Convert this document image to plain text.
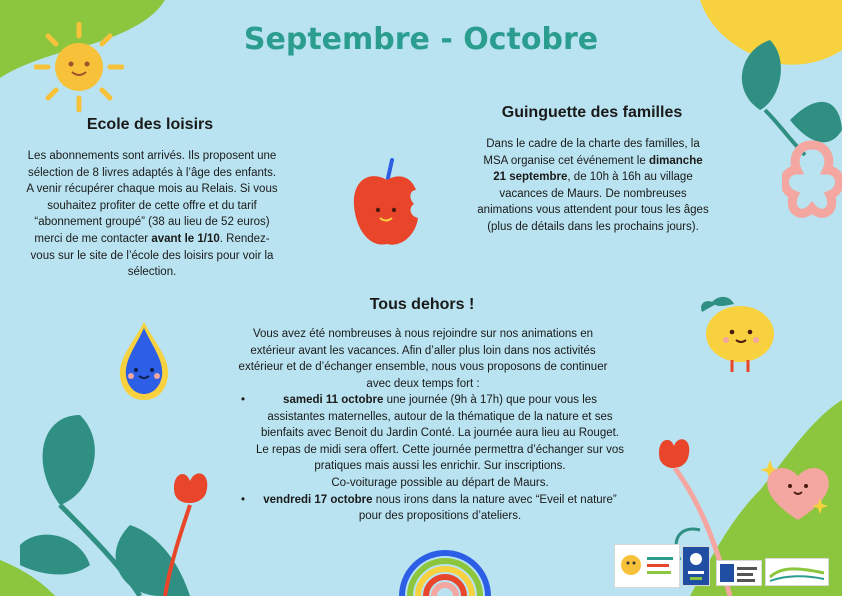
Septembre - Octobre
Ecole des loisirs

Les abonnements sont arrivés. Ils proposent une sélection de 8 livres adaptés à l’âge des enfants. A venir récupérer chaque mois au Relais. Si vous souhaitez profiter de cette offre et du tarif “abonnement groupé” (38 au lieu de 52 euros) merci de me contacter avant le 1/10. Rendez-vous sur le site de l’école des loisirs pour voir la sélection.

Guinguette des familles

Dans le cadre de la charte des familles, la MSA organise cet événement le dimanche 21 septembre, de 10h à 16h au village vacances de Maurs. De nombreuses animations vous attendent pour tous les âges (plus de détails dans les prochains jours).

Tous dehors !

Vous avez été nombreuses à nous rejoindre sur nos animations en extérieur avant les vacances. Afin d’aller plus loin dans nos activités extérieur et de d’échanger ensemble, nous vous proposons de continuer avec deux temps fort :

•	samedi 11 octobre une journée (9h à 17h) que pour vous les assistantes maternelles, autour de la thématique de la nature et ses bienfaits avec Benoit du Jardin Conté. La journée aura lieu au Rouget. Le repas de midi sera offert. Cette journée permettra d’échanger sur vos pratiques mais aussi les enrichir. Sur inscriptions.
Co-voiturage possible au départ de Maurs.
• vendredi 17 octobre nous irons dans la nature avec “Eveil et nature” pour des propositions d’ateliers.
